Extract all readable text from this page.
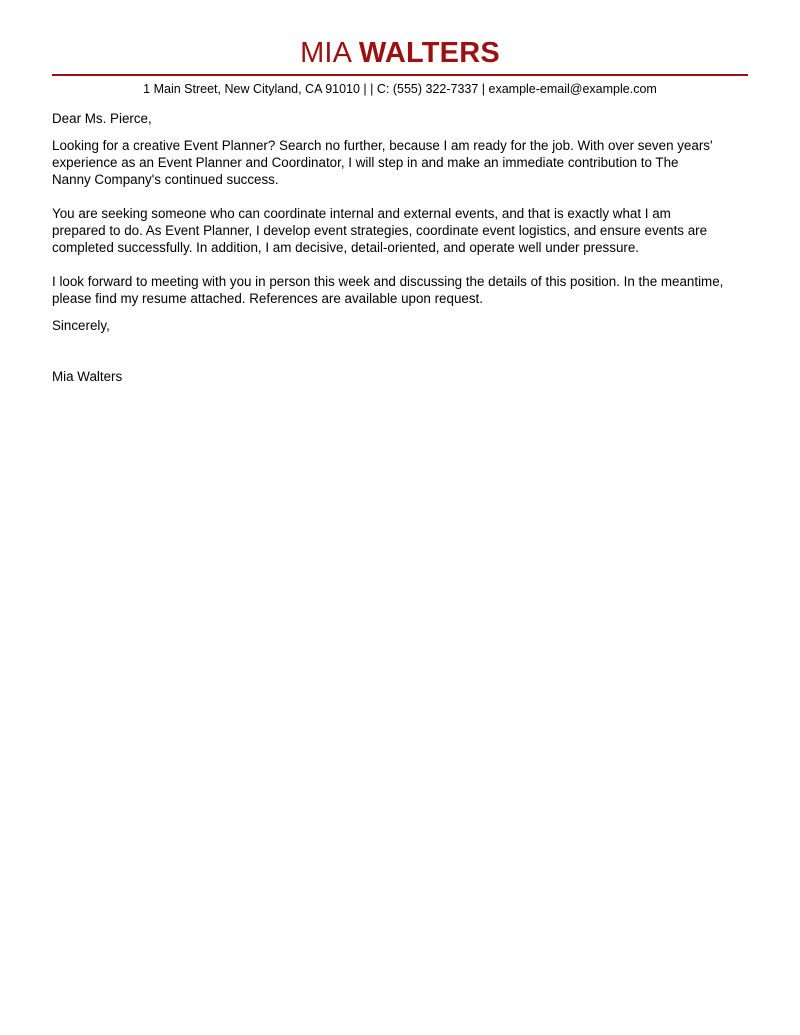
MIA WALTERS
1 Main Street, New Cityland, CA 91010 | | C: (555) 322-7337 | example-email@example.com

Dear Ms. Pierce,

Looking for a creative Event Planner? Search no further, because I am ready for the job. With over seven years'
experience as an Event Planner and Coordinator, I will step in and make an immediate contribution to The
Nanny Company's continued success.

You are seeking someone who can coordinate internal and external events, and that is exactly what I am
prepared to do. As Event Planner, I develop event strategies, coordinate event logistics, and ensure events are
completed successfully. In addition, I am decisive, detail-oriented, and operate well under pressure.

I look forward to meeting with you in person this week and discussing the details of this position. In the meantime,
please find my resume attached. References are available upon request.

Sincerely,

Mia Walters
